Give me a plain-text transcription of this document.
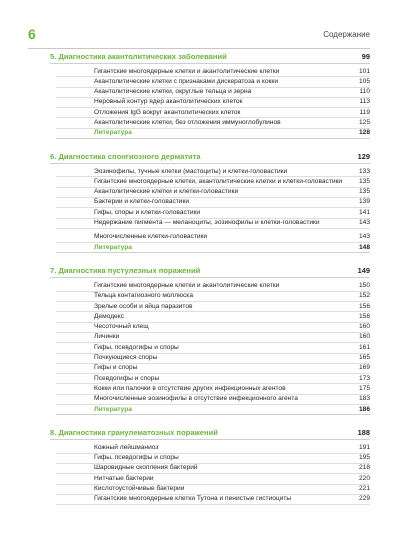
6	Содержание
5. Диагностика акантолитических заболеваний	99
Гигантские многоядерные клетки и акантолитические клетки	101
Акантолитические клетки с признаками дискератоза и кокки	105
Акантолитические клетки, округлые тельца и зерна	110
Неровный контур ядер акантолитических клеток	113
Отложения IgG вокруг акантолитических клеток	119
Акантолитические клетки, без отложения иммуноглобулинов	125
Литература	128
6. Диагностика спонгиозного дерматита	129
Эозинофилы, тучные клетки (мастоциты) и клетки-головастики	133
Гигантские многоядерные клетки, акантолитические клетки и клетки-головастики	135
Акантолитические клетки и клетки-головастики	135
Бактерии и клетки-головастики	139
Гифы, споры и клетки-головастики	141
Недержание пигмента — меланоциты, эозинофилы и клетки-головастики	143
Многочисленные клетки-головастики	143
Литература	148
7. Диагностика пустулезных поражений	149
Гигантские многоядерные клетки и акантолитические клетки	150
Тельца контагиозного моллюска	152
Зрелые особи и яйца паразитов	156
Демодекс	156
Чесоточный клещ	160
Личинки	160
Гифы, псевдогифы и споры	161
Почкующиеся споры	165
Гифы и споры	169
Псевдогифы и споры	173
Кокки или палочки в отсутствие других инфекционных агентов	175
Многочисленные эозинофилы в отсутствие инфекционного агента	183
Литература	186
8. Диагностика гранулематозных поражений	188
Кожный лейшманиоз	191
Гифы, псевдогифы и споры	195
Шаровидные скопления бактерий	218
Нитчатые бактерии	220
Кислотоустойчивые бактерии	221
Гигантские многоядерные клетки Тутона и пенистые гистиоциты	229
